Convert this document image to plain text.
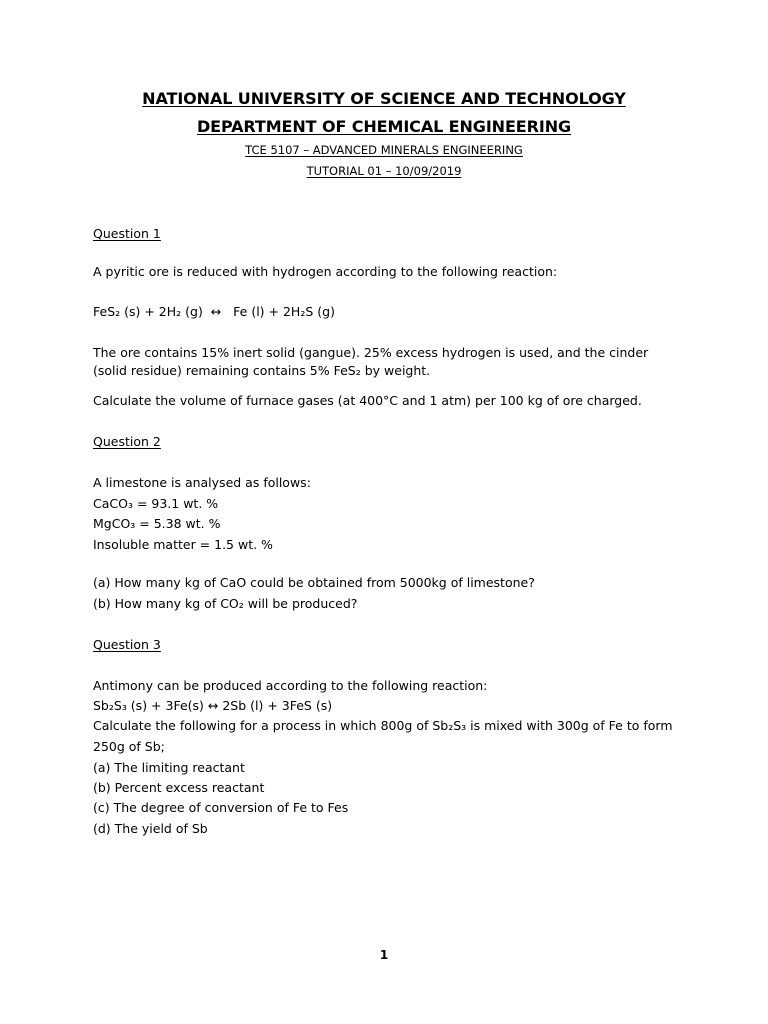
NATIONAL UNIVERSITY OF SCIENCE AND TECHNOLOGY
DEPARTMENT OF CHEMICAL ENGINEERING
TCE 5107 – ADVANCED MINERALS ENGINEERING
TUTORIAL 01 – 10/09/2019
Question 1
A pyritic ore is reduced with hydrogen according to the following reaction:
FeS₂ (s) + 2H₂ (g)  ↔   Fe (l) + 2H₂S (g)
The ore contains 15% inert solid (gangue). 25% excess hydrogen is used, and the cinder
(solid residue) remaining contains 5% FeS₂ by weight.
Calculate the volume of furnace gases (at 400°C and 1 atm) per 100 kg of ore charged.
Question 2
A limestone is analysed as follows:
CaCO₃ = 93.1 wt. %
MgCO₃ = 5.38 wt. %
Insoluble matter = 1.5 wt. %
(a) How many kg of CaO could be obtained from 5000kg of limestone?
(b) How many kg of CO₂ will be produced?
Question 3
Antimony can be produced according to the following reaction:
Sb₂S₃ (s) + 3Fe(s) ↔ 2Sb (l) + 3FeS (s)
Calculate the following for a process in which 800g of Sb₂S₃ is mixed with 300g of Fe to form
250g of Sb;
(a) The limiting reactant
(b) Percent excess reactant
(c) The degree of conversion of Fe to Fes
(d) The yield of Sb
1
